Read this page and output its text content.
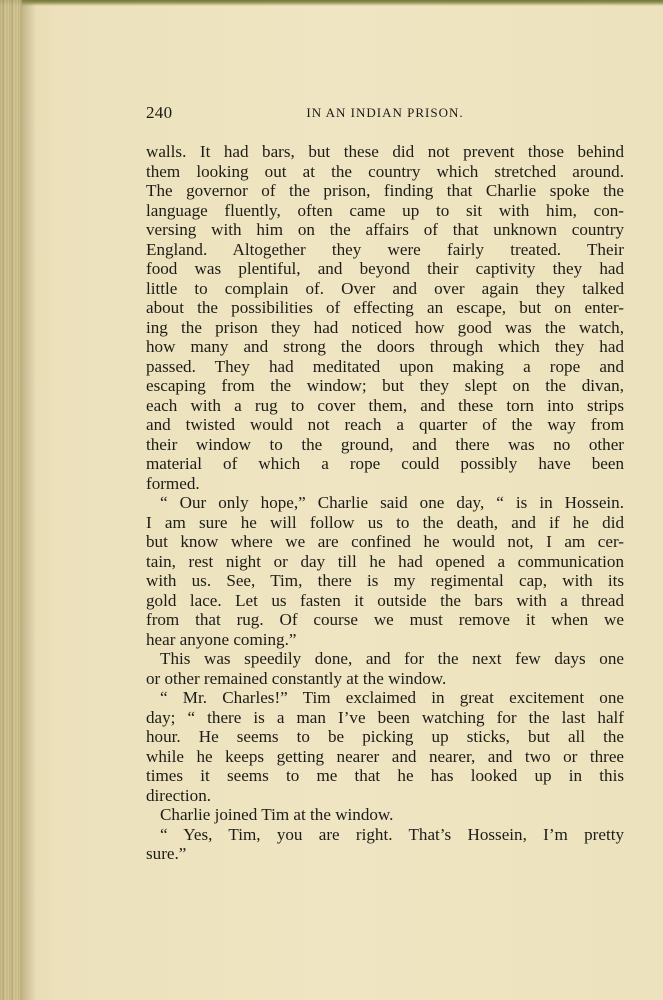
240	IN AN INDIAN PRISON.
walls. It had bars, but these did not prevent those behind
them looking out at the country which stretched around.
The governor of the prison, finding that Charlie spoke the
language fluently, often came up to sit with him, con-
versing with him on the affairs of that unknown country
England. Altogether they were fairly treated. Their
food was plentiful, and beyond their captivity they had
little to complain of. Over and over again they talked
about the possibilities of effecting an escape, but on enter-
ing the prison they had noticed how good was the watch,
how many and strong the doors through which they had
passed. They had meditated upon making a rope and
escaping from the window; but they slept on the divan,
each with a rug to cover them, and these torn into strips
and twisted would not reach a quarter of the way from
their window to the ground, and there was no other
material of which a rope could possibly have been
formed.
“ Our only hope,” Charlie said one day, “ is in Hossein.
I am sure he will follow us to the death, and if he did
but know where we are confined he would not, I am cer-
tain, rest night or day till he had opened a communication
with us. See, Tim, there is my regimental cap, with its
gold lace. Let us fasten it outside the bars with a thread
from that rug. Of course we must remove it when we
hear anyone coming.”
This was speedily done, and for the next few days one
or other remained constantly at the window.
“ Mr. Charles!” Tim exclaimed in great excitement one
day; “ there is a man I’ve been watching for the last half
hour. He seems to be picking up sticks, but all the
while he keeps getting nearer and nearer, and two or three
times it seems to me that he has looked up in this
direction.
Charlie joined Tim at the window.
“ Yes, Tim, you are right. That’s Hossein, I’m pretty
sure.”
